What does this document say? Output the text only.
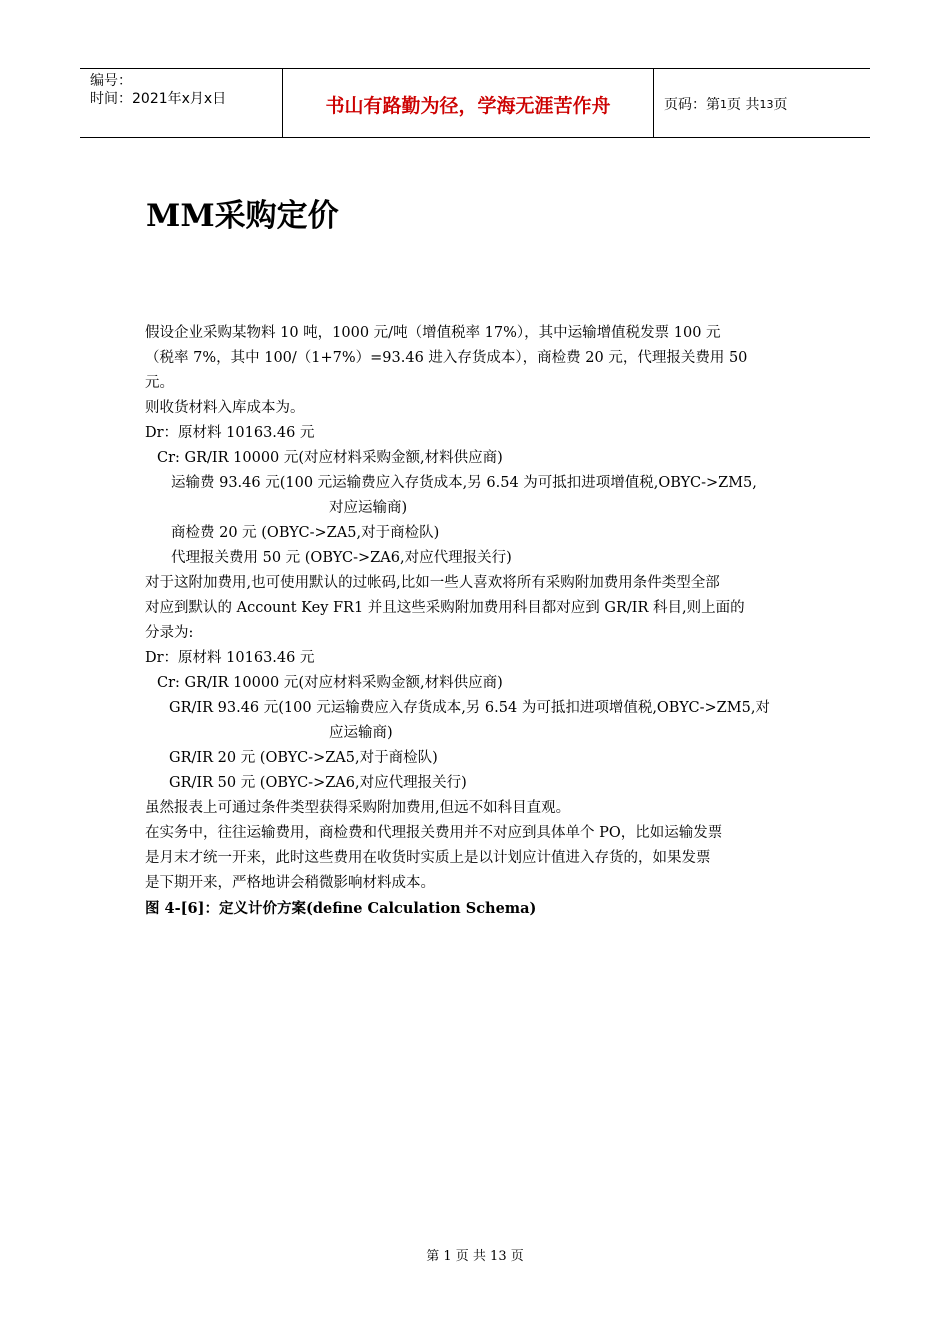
编号：
时间：2021年x月x日	书山有路勤为径，学海无涯苦作舟	页码：第 1 页 共 13 页
MM采购定价

假设企业采购某物料 10 吨，1000 元/吨（增值税率 17%），其中运输增值税发票 100 元

（税率 7%，其中 100/（1+7%）=93.46 进入存货成本），商检费 20 元，代理报关费用 50

元。

则收货材料入库成本为。

Dr：原材料 10163.46 元

Cr: GR/IR 10000 元(对应材料采购金额,材料供应商)

运输费 93.46 元(100 元运输费应入存货成本,另 6.54 为可抵扣进项增值税,OBYC->ZM5,

对应运输商)

商检费 20 元 (OBYC->ZA5,对于商检队)

代理报关费用 50 元 (OBYC->ZA6,对应代理报关行)

对于这附加费用,也可使用默认的过帐码,比如一些人喜欢将所有采购附加费用条件类型全部

对应到默认的 Account Key FR1 并且这些采购附加费用科目都对应到 GR/IR 科目,则上面的

分录为:

Dr：原材料 10163.46 元

Cr: GR/IR 10000 元(对应材料采购金额,材料供应商)

GR/IR 93.46 元(100 元运输费应入存货成本,另 6.54 为可抵扣进项增值税,OBYC->ZM5,对

应运输商)

GR/IR 20 元 (OBYC->ZA5,对于商检队)

GR/IR 50 元 (OBYC->ZA6,对应代理报关行)

虽然报表上可通过条件类型获得采购附加费用,但远不如科目直观。

在实务中，往往运输费用，商检费和代理报关费用并不对应到具体单个 PO，比如运输发票

是月末才统一开来，此时这些费用在收货时实质上是以计划应计值进入存货的，如果发票

是下期开来，严格地讲会稍微影响材料成本。

图 4-[6]：定义计价方案(define Calculation Schema)

第 1 页 共 13 页
